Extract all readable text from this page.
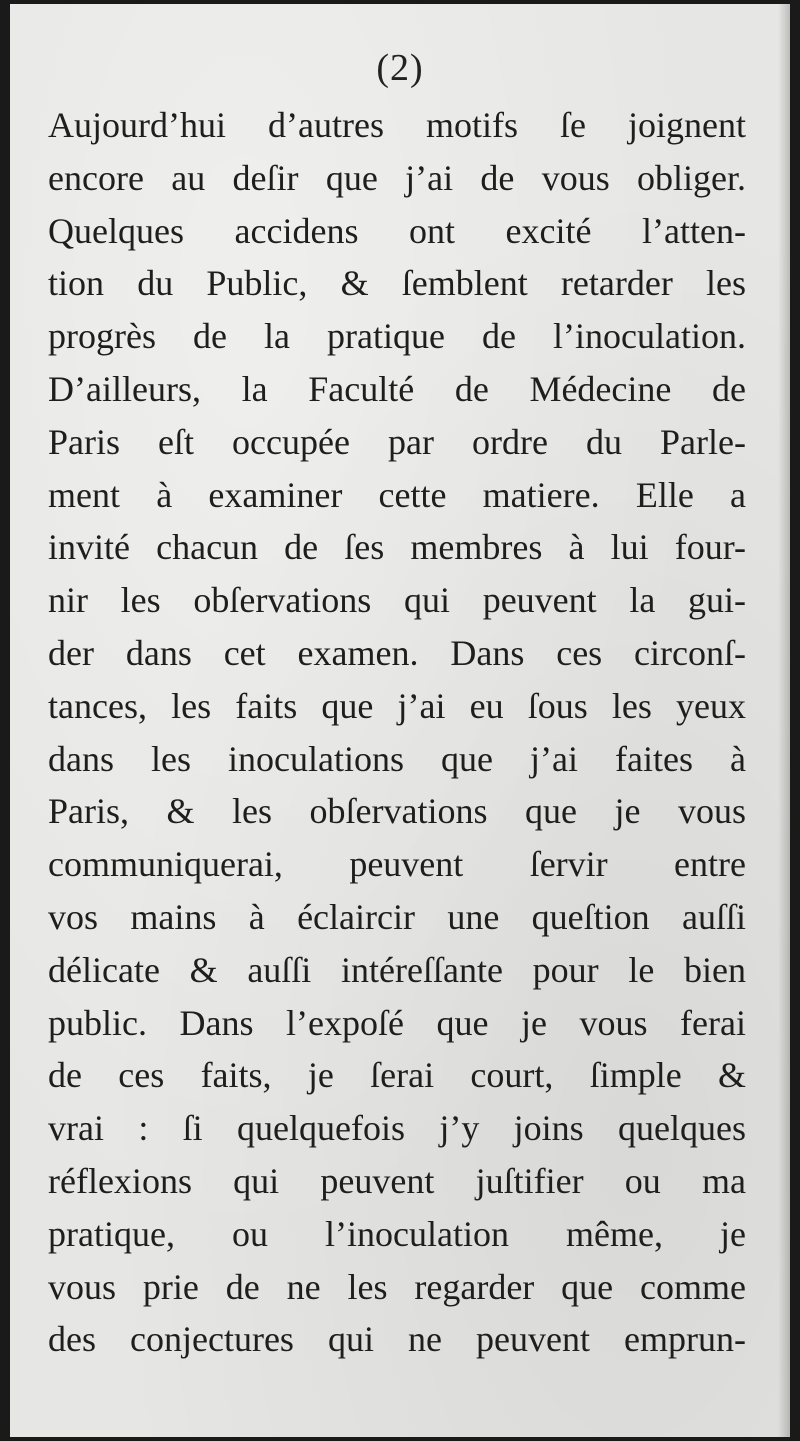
(2)
Aujourd’hui d’autres motifs ſe joignent
encore au deſir que j’ai de vous obliger.
Quelques accidens ont excité l’atten-
tion du Public, & ſemblent retarder les
progrès de la pratique de l’inoculation.
D’ailleurs, la Faculté de Médecine de
Paris eſt occupée par ordre du Parle-
ment à examiner cette matiere. Elle a
invité chacun de ſes membres à lui four-
nir les obſervations qui peuvent la gui-
der dans cet examen. Dans ces circonſ-
tances, les faits que j’ai eu ſous les yeux
dans les inoculations que j’ai faites à
Paris, & les obſervations que je vous
communiquerai, peuvent ſervir entre
vos mains à éclaircir une queſtion auſſi
délicate & auſſi intéreſſante pour le bien
public. Dans l’expoſé que je vous ferai
de ces faits, je ſerai court, ſimple &
vrai : ſi quelquefois j’y joins quelques
réflexions qui peuvent juſtifier ou ma
pratique, ou l’inoculation même, je
vous prie de ne les regarder que comme
des conjectures qui ne peuvent emprun-
